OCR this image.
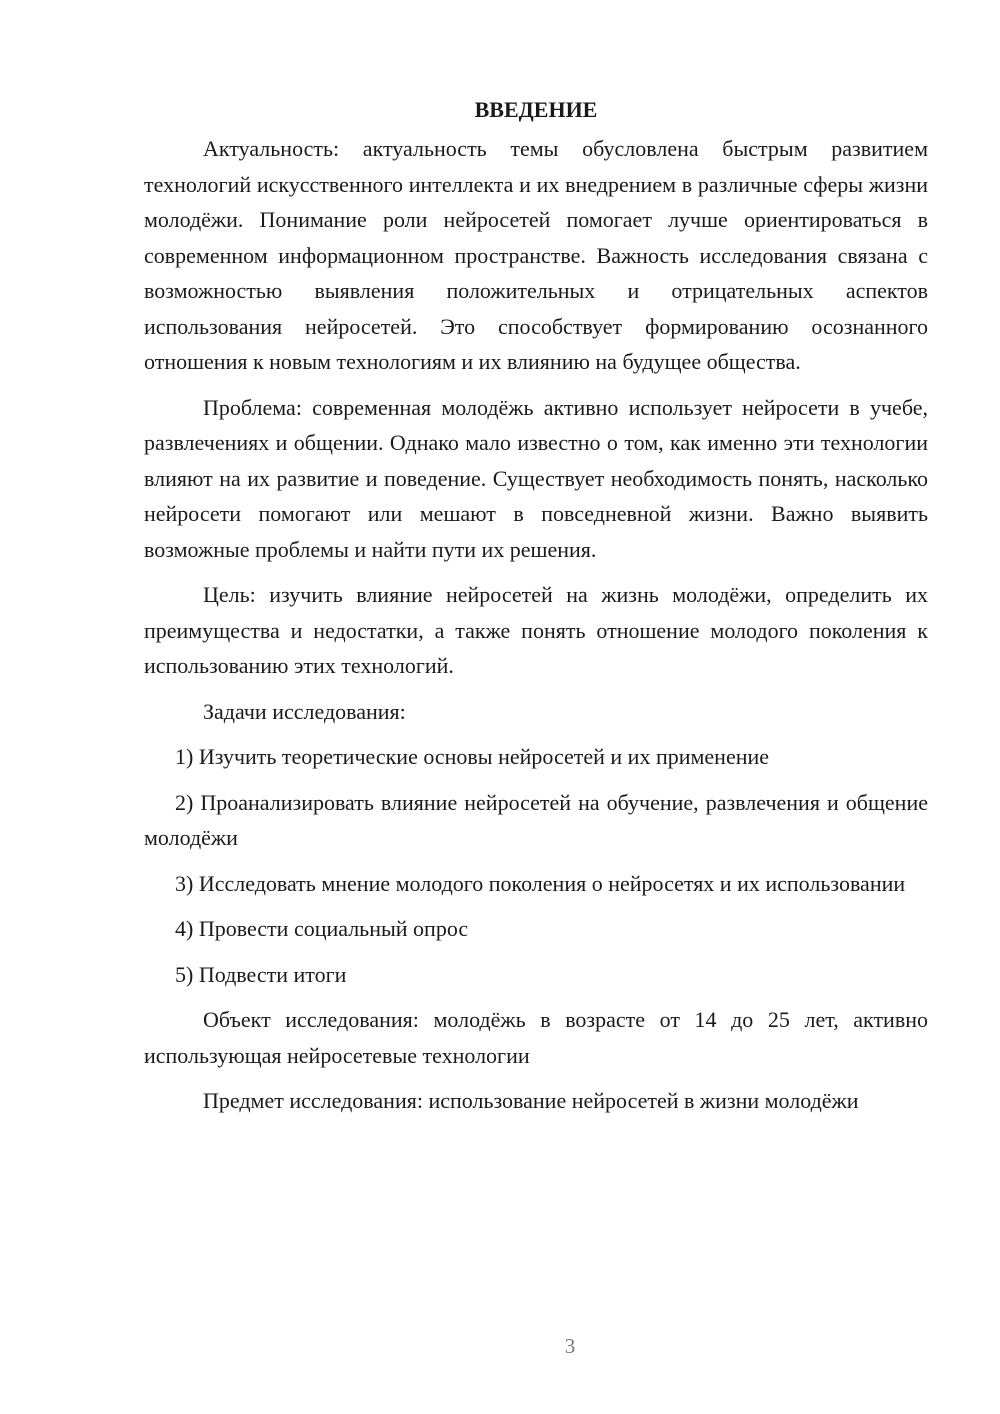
ВВЕДЕНИЕ

Актуальность: актуальность темы обусловлена быстрым развитием технологий искусственного интеллекта и их внедрением в различные сферы жизни молодёжи. Понимание роли нейросетей помогает лучше ориентироваться в современном информационном пространстве. Важность исследования связана с возможностью выявления положительных и отрицательных аспектов использования нейросетей. Это способствует формированию осознанного отношения к новым технологиям и их влиянию на будущее общества.

Проблема: современная молодёжь активно использует нейросети в учебе, развлечениях и общении. Однако мало известно о том, как именно эти технологии влияют на их развитие и поведение. Существует необходимость понять, насколько нейросети помогают или мешают в повседневной жизни. Важно выявить возможные проблемы и найти пути их решения.

Цель: изучить влияние нейросетей на жизнь молодёжи, определить их преимущества и недостатки, а также понять отношение молодого поколения к использованию этих технологий.

Задачи исследования:

1) Изучить теоретические основы нейросетей и их применение

2) Проанализировать влияние нейросетей на обучение, развлечения и общение молодёжи

3) Исследовать мнение молодого поколения о нейросетях и их использовании

4) Провести социальный опрос

5) Подвести итоги

Объект исследования: молодёжь в возрасте от 14 до 25 лет, активно использующая нейросетевые технологии

Предмет исследования: использование нейросетей в жизни молодёжи

3
